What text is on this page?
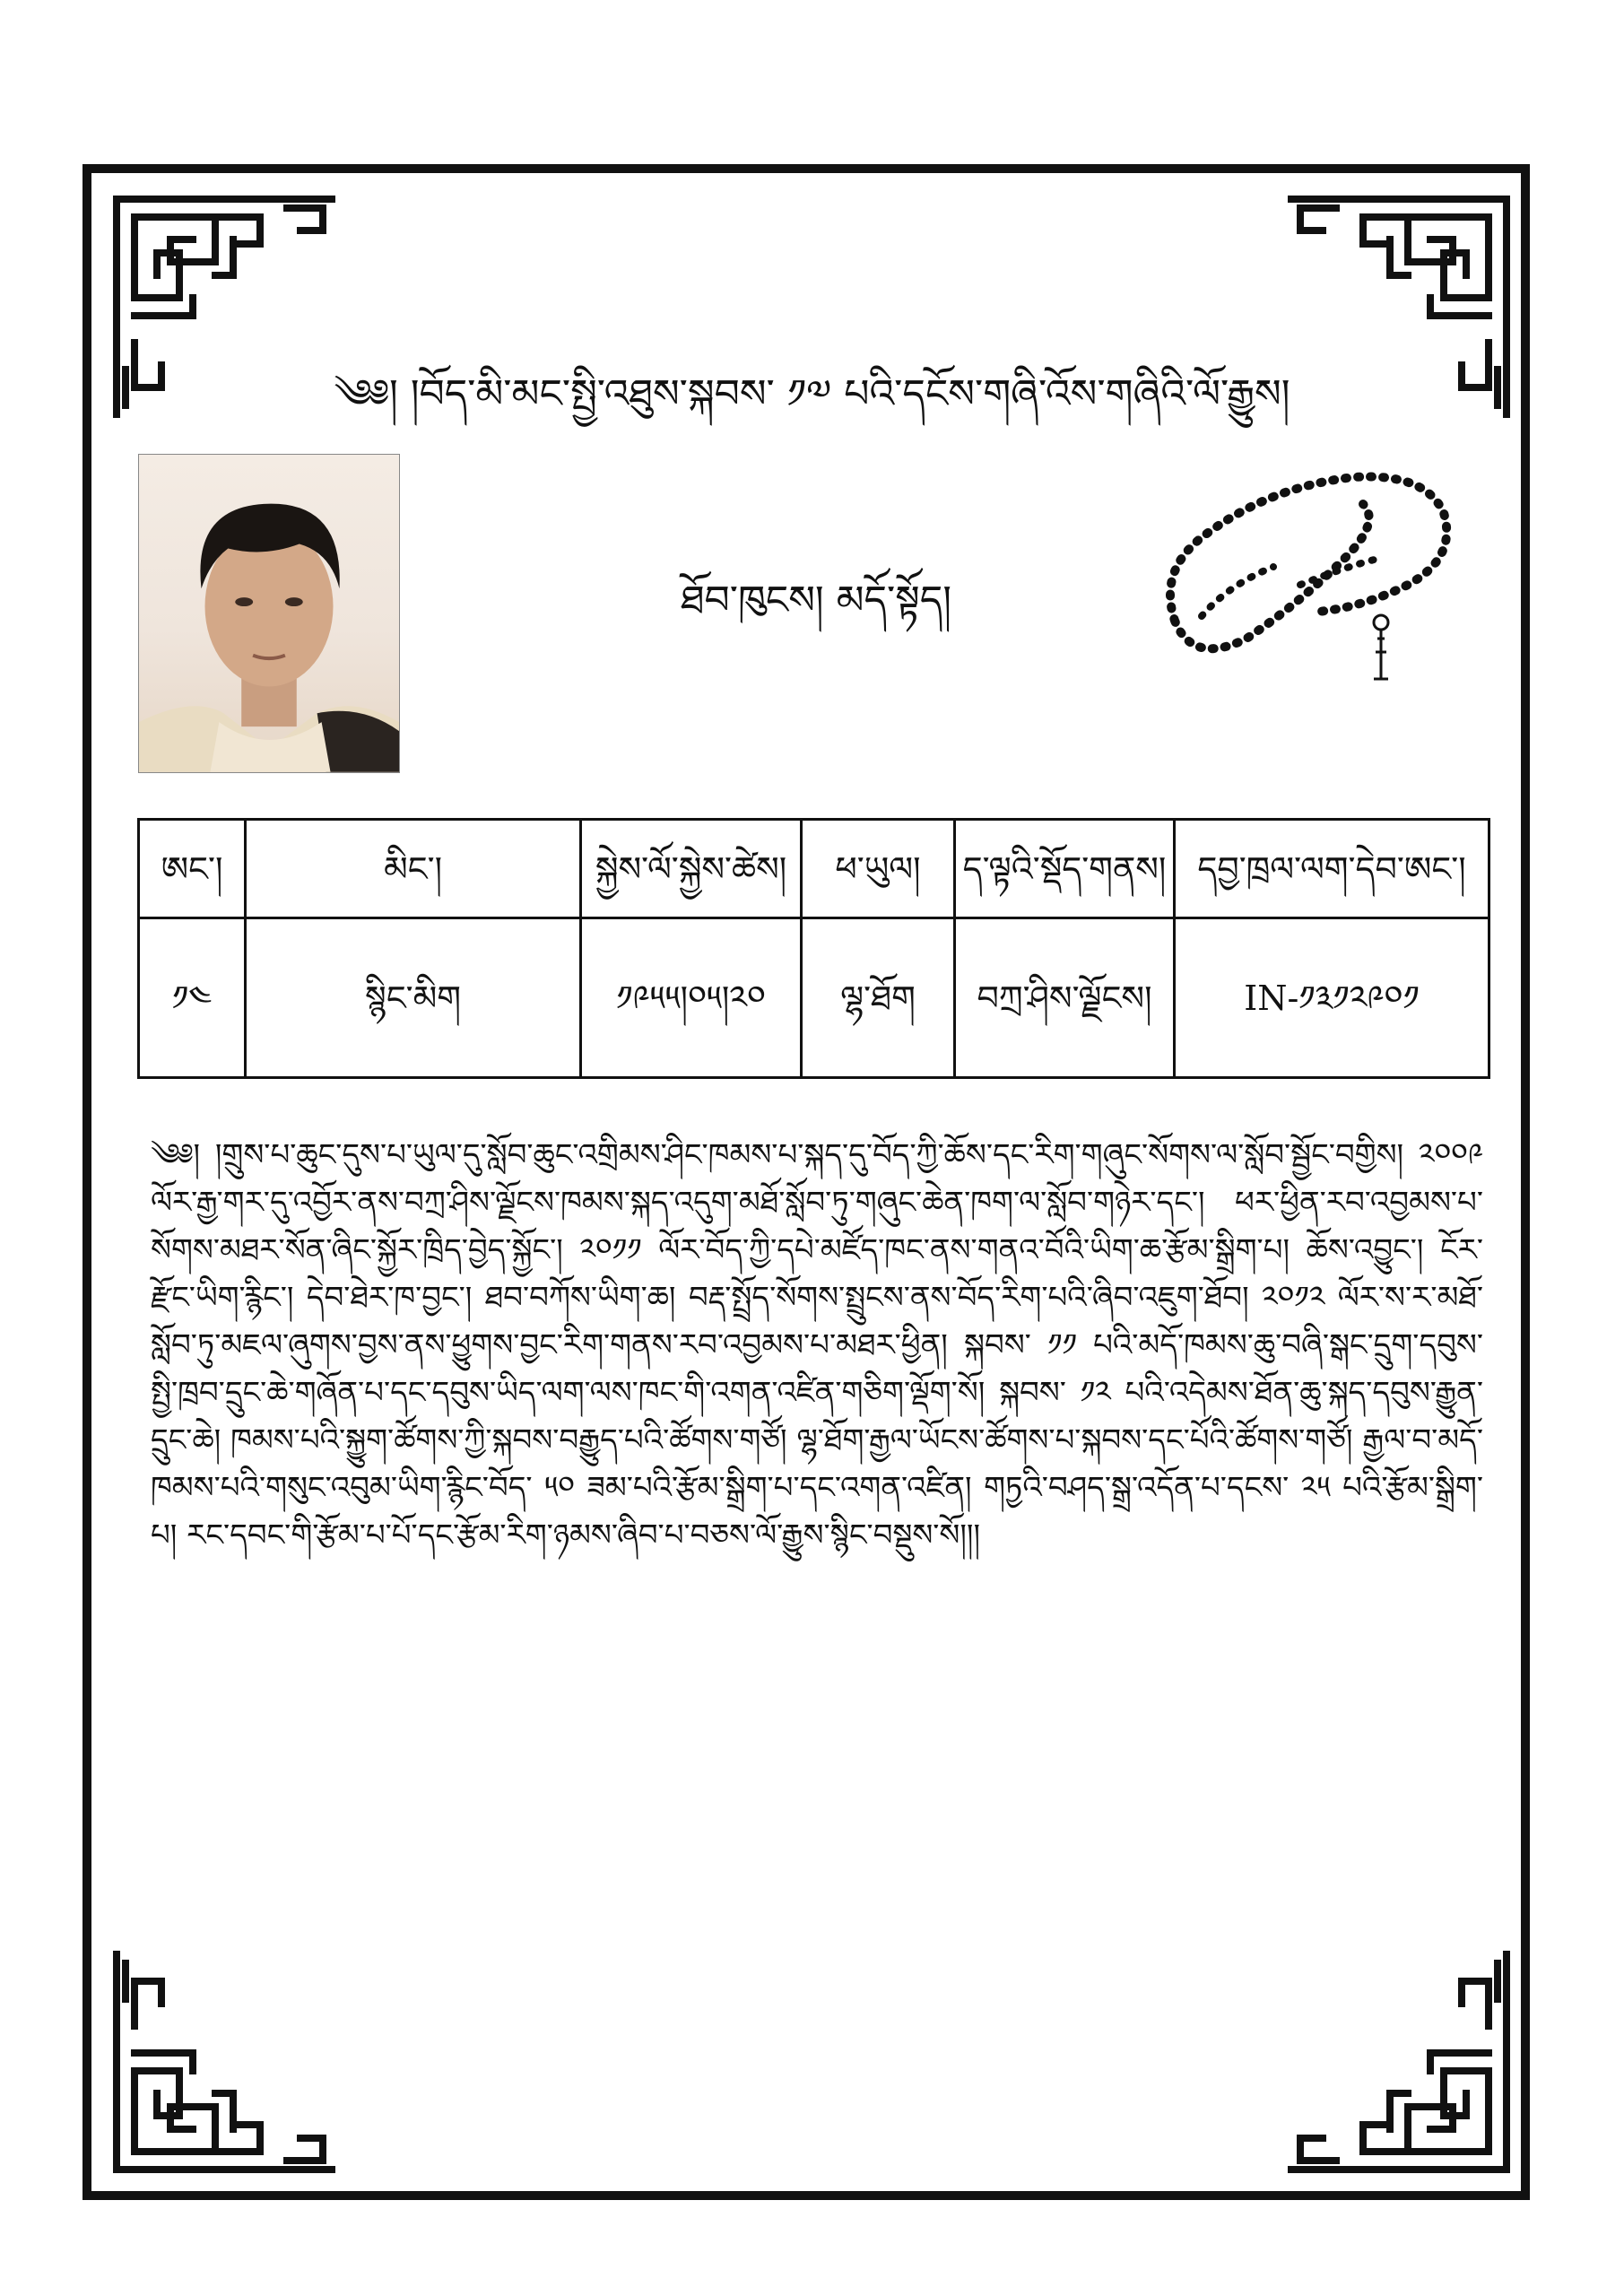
༄༅། །བོད་མི་མང་སྤྱི་འཐུས་སྐབས་ ༡༧ པའི་དངོས་གཞི་འོས་གཞིའི་ལོ་རྒྱུས།
ཐོབ་ཁུངས། མདོ་སྟོད།
ཨང་།	མིང་།	སྐྱེས་ལོ་སྐྱེས་ཚེས།	ཕ་ཡུལ།	ད་ལྟའི་སྡོད་གནས།	དབྱ་ཁྲལ་ལག་དེབ་ཨང་།
༡༤	སྙིང་མིག	༡༩༥༥།༠༥།༢༠	ལྷ་ཐོག	བཀྲ་ཤིས་ལྗོངས།	IN-༡༣༡༢༩༠༡
༄༅། །གྲུས་པ་ཆུང་དུས་པ་ཡུལ་དུ་སློབ་ཆུང་འགྲིམས་ཤིང་ཁམས་པ་སྐད་དུ་བོད་ཀྱི་ཆོས་དང་རིག་གཞུང་སོགས་ལ་སློབ་སྦྱོང་བགྱིས། ༢༠༠༩ ལོར་རྒྱ་གར་དུ་འབྱོར་ནས་བཀྲ་ཤིས་ལྗོངས་ཁམས་སྐད་འདུག་མཐོ་སློབ་ཏུ་གཞུང་ཆེན་ཁག་ལ་སློབ་གཉེར་དང་། ཕར་ཕྱིན་རབ་འབྱམས་པ་སོགས་མཐར་སོན་ཞིང་སྐྱོར་ཁྲིད་བྱེད་སྐྱོང་། ༢༠༡༡ ལོར་བོད་ཀྱི་དཔེ་མཛོད་ཁང་ནས་གནའ་བོའི་ཡིག་ཆ་རྩོམ་སྒྲིག་པ། ཆོས་འབྱུང་། ངོར་རྫོང་ཡིག་རྙིང་། དེབ་ཐེར་ཁ་བྱང་། ཐབ་བཀོས་ཡིག་ཆ། བརྡ་སྤྲོད་སོགས་སྤྲུངས་ནས་བོད་རིག་པའི་ཞིབ་འཇུག་ཐོབ། ༢༠༡༢ ལོར་ས་ར་མཐོ་སློབ་ཏུ་མཇལ་ཞུགས་བྱས་ནས་ཕྱུགས་བྱང་རིག་གནས་རབ་འབྱམས་པ་མཐར་ཕྱིན། སྐབས་ ༡༡ པའི་མདོ་ཁམས་ཆུ་བཞི་སྒང་དྲུག་དབུས་སྤྱི་ཁྲབ་དྲུང་ཆེ་གཞོན་པ་དང་དབུས་ཡིད་ལག་ལས་ཁང་གི་འགན་འཛིན་གཅིག་ལྡོག་སོ། སྐབས་ ༡༢ པའི་འདེམས་ཐོན་ཆུ་སྐད་དབུས་རྒྱུན་དྲུང་ཆེ། ཁམས་པའི་སྐྱུག་ཚོགས་ཀྱི་སྐབས་བརྒྱུད་པའི་ཚོགས་གཙོ། ལྷ་ཐོག་རྒྱལ་ཡོངས་ཚོགས་པ་སྐབས་དང་པོའི་ཚོགས་གཙོ། རྒྱལ་བ་མདོ་ཁམས་པའི་གསུང་འབུམ་ཡིག་རྙིང་བོད་ ༥༠ ཟམ་པའི་རྩོམ་སྒྲིག་པ་དང་འགན་འཛིན། གཏྱའི་བཤད་སྒྲ་འདོན་པ་དངས་ ༢༥ པའི་རྩོམ་སྒྲིག་པ། རང་དབང་གི་རྩོམ་པ་པོ་དང་རྩོམ་རིག་ཉམས་ཞིབ་པ་བཅས་ལོ་རྒྱུས་སྙིང་བསྡུས་སོ།།།
